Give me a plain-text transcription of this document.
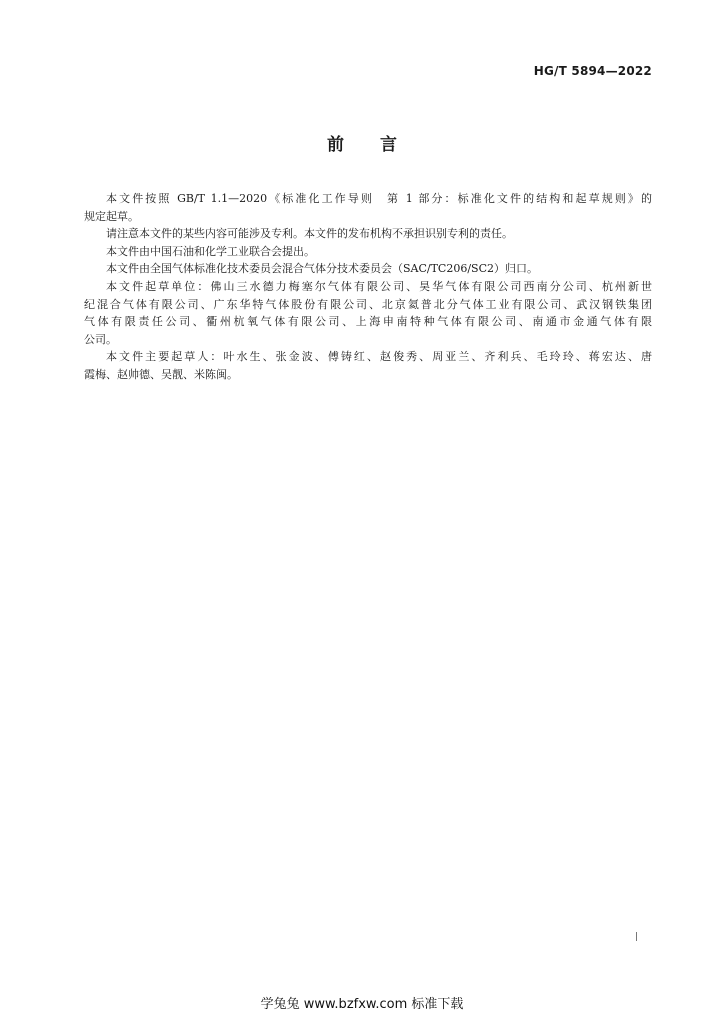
HG/T 5894—2022
前 言
本文件按照 GB/T 1.1—2020《标准化工作导则　第 1 部分：标准化文件的结构和起草规则》的
规定起草。
请注意本文件的某些内容可能涉及专利。本文件的发布机构不承担识别专利的责任。
本文件由中国石油和化学工业联合会提出。
本文件由全国气体标准化技术委员会混合气体分技术委员会（SAC/TC206/SC2）归口。
本文件起草单位：佛山三水德力梅塞尔气体有限公司、昊华气体有限公司西南分公司、杭州新世
纪混合气体有限公司、广东华特气体股份有限公司、北京氦普北分气体工业有限公司、武汉钢铁集团
气体有限责任公司、衢州杭氧气体有限公司、上海申南特种气体有限公司、南通市金通气体有限
公司。
本文件主要起草人：叶水生、张金波、傅铸红、赵俊秀、周亚兰、齐利兵、毛玲玲、蒋宏达、唐
霞梅、赵帅德、吴靓、米陈闽。
学兔兔 www.bzfxw.com 标准下载
